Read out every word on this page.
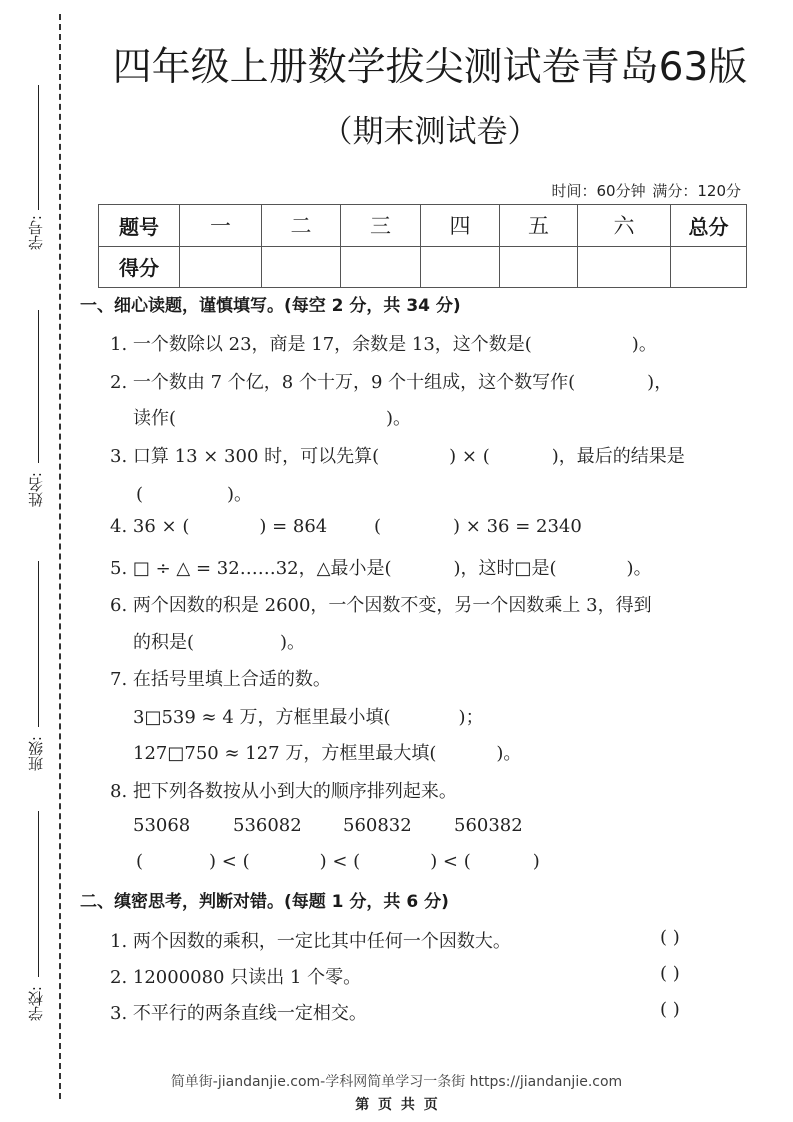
学号:
姓名:
班级:
学校:
四年级上册数学拔尖测试卷青岛63版
（期末测试卷）
时间：60分钟 满分：120分
题号	一	二	三	四	五	六	总分
得分							
一、细心读题，谨慎填写。(每空 2 分，共 34 分)
1. 一个数除以 23，商是 17，余数是 13，这个数是(	)。
2. 一个数由 7 个亿，8 个十万，9 个十组成，这个数写作(	)，
读作(	)。
3. 口算 13 × 300 时，可以先算(	) × (	)，最后的结果是
(	)。
4. 36 × (	) = 864	(	) × 36 = 2340
5. □ ÷ △ = 32……32，△最小是(	)，这时□是(	)。
6. 两个因数的积是 2600，一个因数不变，另一个因数乘上 3，得到
的积是(	)。
7. 在括号里填上合适的数。
3□539 ≈ 4 万，方框里最小填(	)；
127□750 ≈ 127 万，方框里最大填(	)。
8. 把下列各数按从小到大的顺序排列起来。
53068 536082 560832 560382
(	) < (	) < (	) < (	)
二、缜密思考，判断对错。(每题 1 分，共 6 分)
1. 两个因数的乘积，一定比其中任何一个因数大。	( )
2. 12000080 只读出 1 个零。	( )
3. 不平行的两条直线一定相交。	( )
简单街-jiandanjie.com-学科网简单学习一条街 https://jiandanjie.com
第 页 共 页
